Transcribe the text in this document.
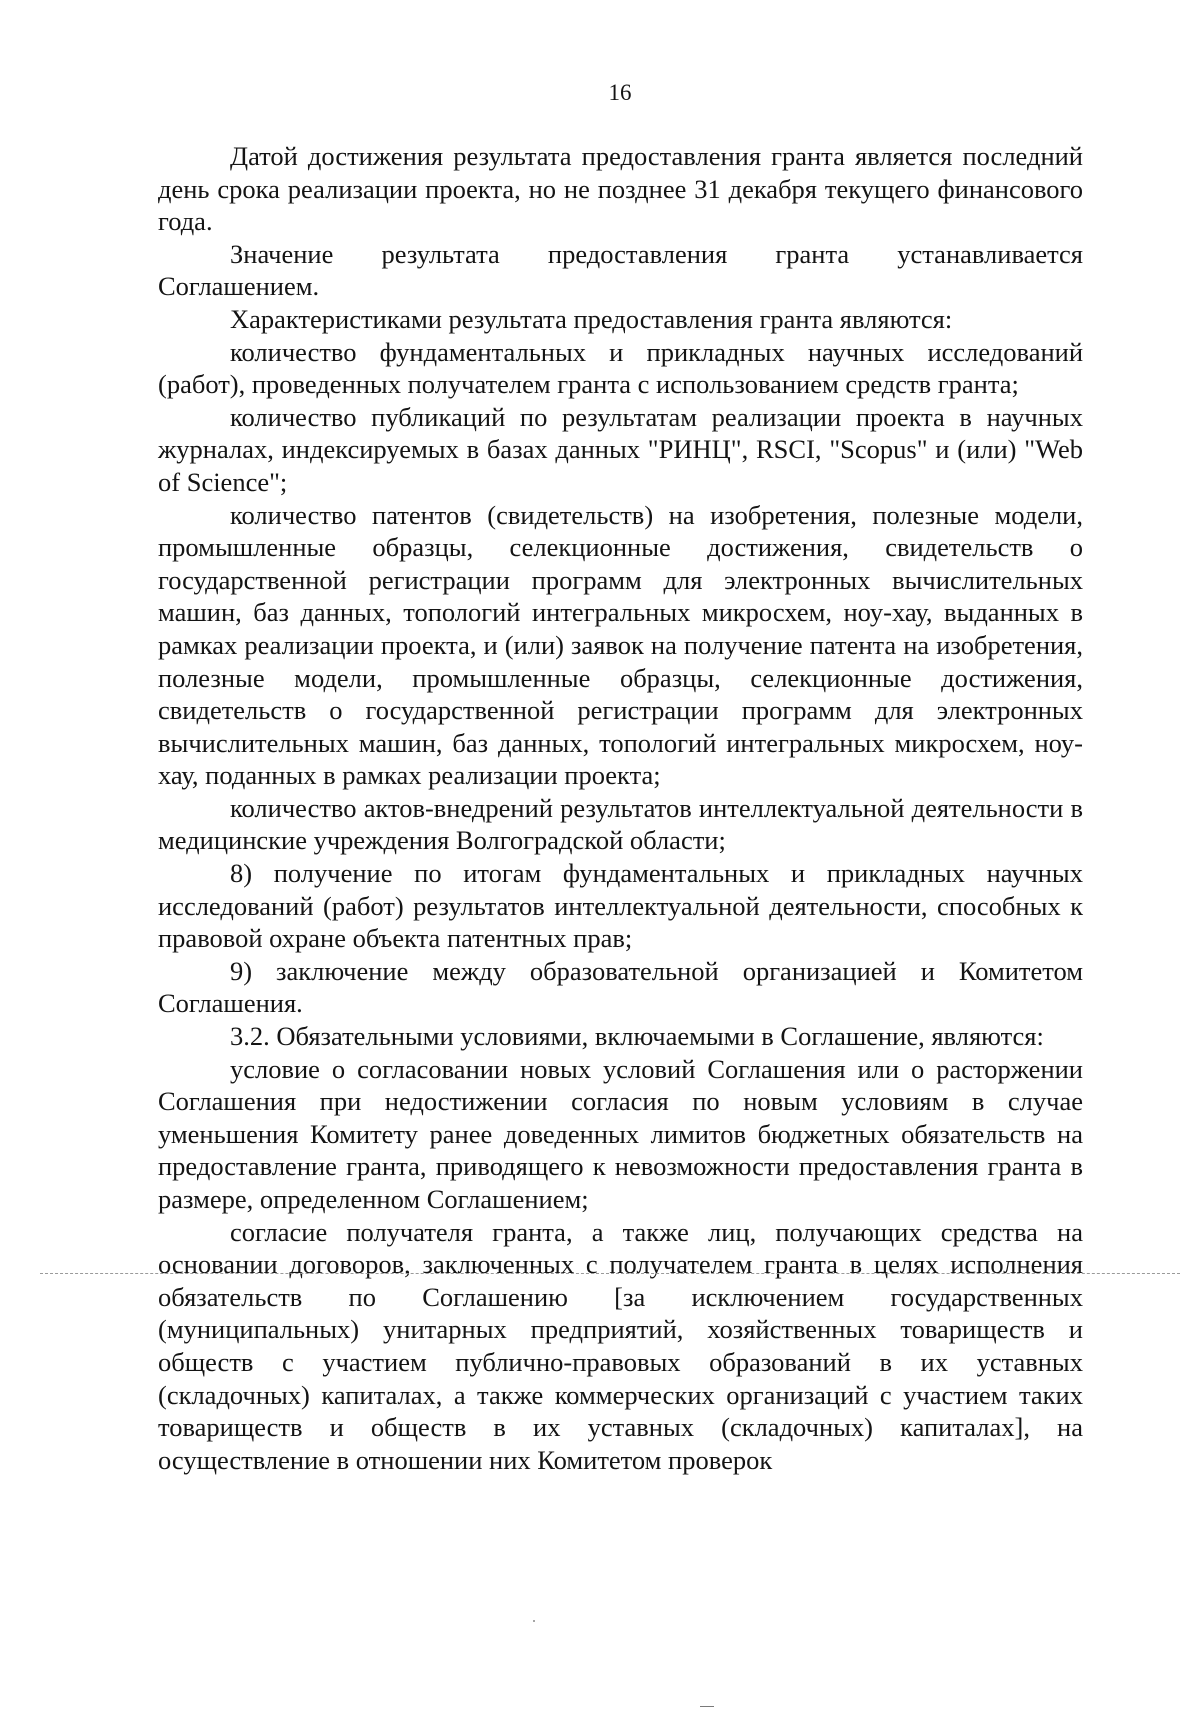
16

Датой достижения результата предоставления гранта является последний день срока реализации проекта, но не позднее 31 декабря текущего финансового года.

Значение результата предоставления гранта устанавливается Соглашением.

Характеристиками результата предоставления гранта являются:

количество фундаментальных и прикладных научных исследований (работ), проведенных получателем гранта с использованием средств гранта;

количество публикаций по результатам реализации проекта в научных журналах, индексируемых в базах данных "РИНЦ", RSCI, "Scopus" и (или) "Web of Science";

количество патентов (свидетельств) на изобретения, полезные модели, промышленные образцы, селекционные достижения, свидетельств о государственной регистрации программ для электронных вычислительных машин, баз данных, топологий интегральных микросхем, ноу-хау, выданных в рамках реализации проекта, и (или) заявок на получение патента на изобретения, полезные модели, промышленные образцы, селекционные достижения, свидетельств о государственной регистрации программ для электронных вычислительных машин, баз данных, топологий интегральных микросхем, ноу-хау, поданных в рамках реализации проекта;

количество актов-внедрений результатов интеллектуальной деятельности в медицинские учреждения Волгоградской области;

8) получение по итогам фундаментальных и прикладных научных исследований (работ) результатов интеллектуальной деятельности, способных к правовой охране объекта патентных прав;

9) заключение между образовательной организацией и Комитетом Соглашения.

3.2. Обязательными условиями, включаемыми в Соглашение, являются:

условие о согласовании новых условий Соглашения или о расторжении Соглашения при недостижении согласия по новым условиям в случае уменьшения Комитету ранее доведенных лимитов бюджетных обязательств на предоставление гранта, приводящего к невозможности предоставления гранта в размере, определенном Соглашением;

согласие получателя гранта, а также лиц, получающих средства на основании договоров, заключенных с получателем гранта в целях исполнения обязательств по Соглашению [за исключением государственных (муниципальных) унитарных предприятий, хозяйственных товариществ и обществ с участием публично-правовых образований в их уставных (складочных) капиталах, а также коммерческих организаций с участием таких товариществ и обществ в их уставных (складочных) капиталах], на осуществление в отношении них Комитетом проверок
